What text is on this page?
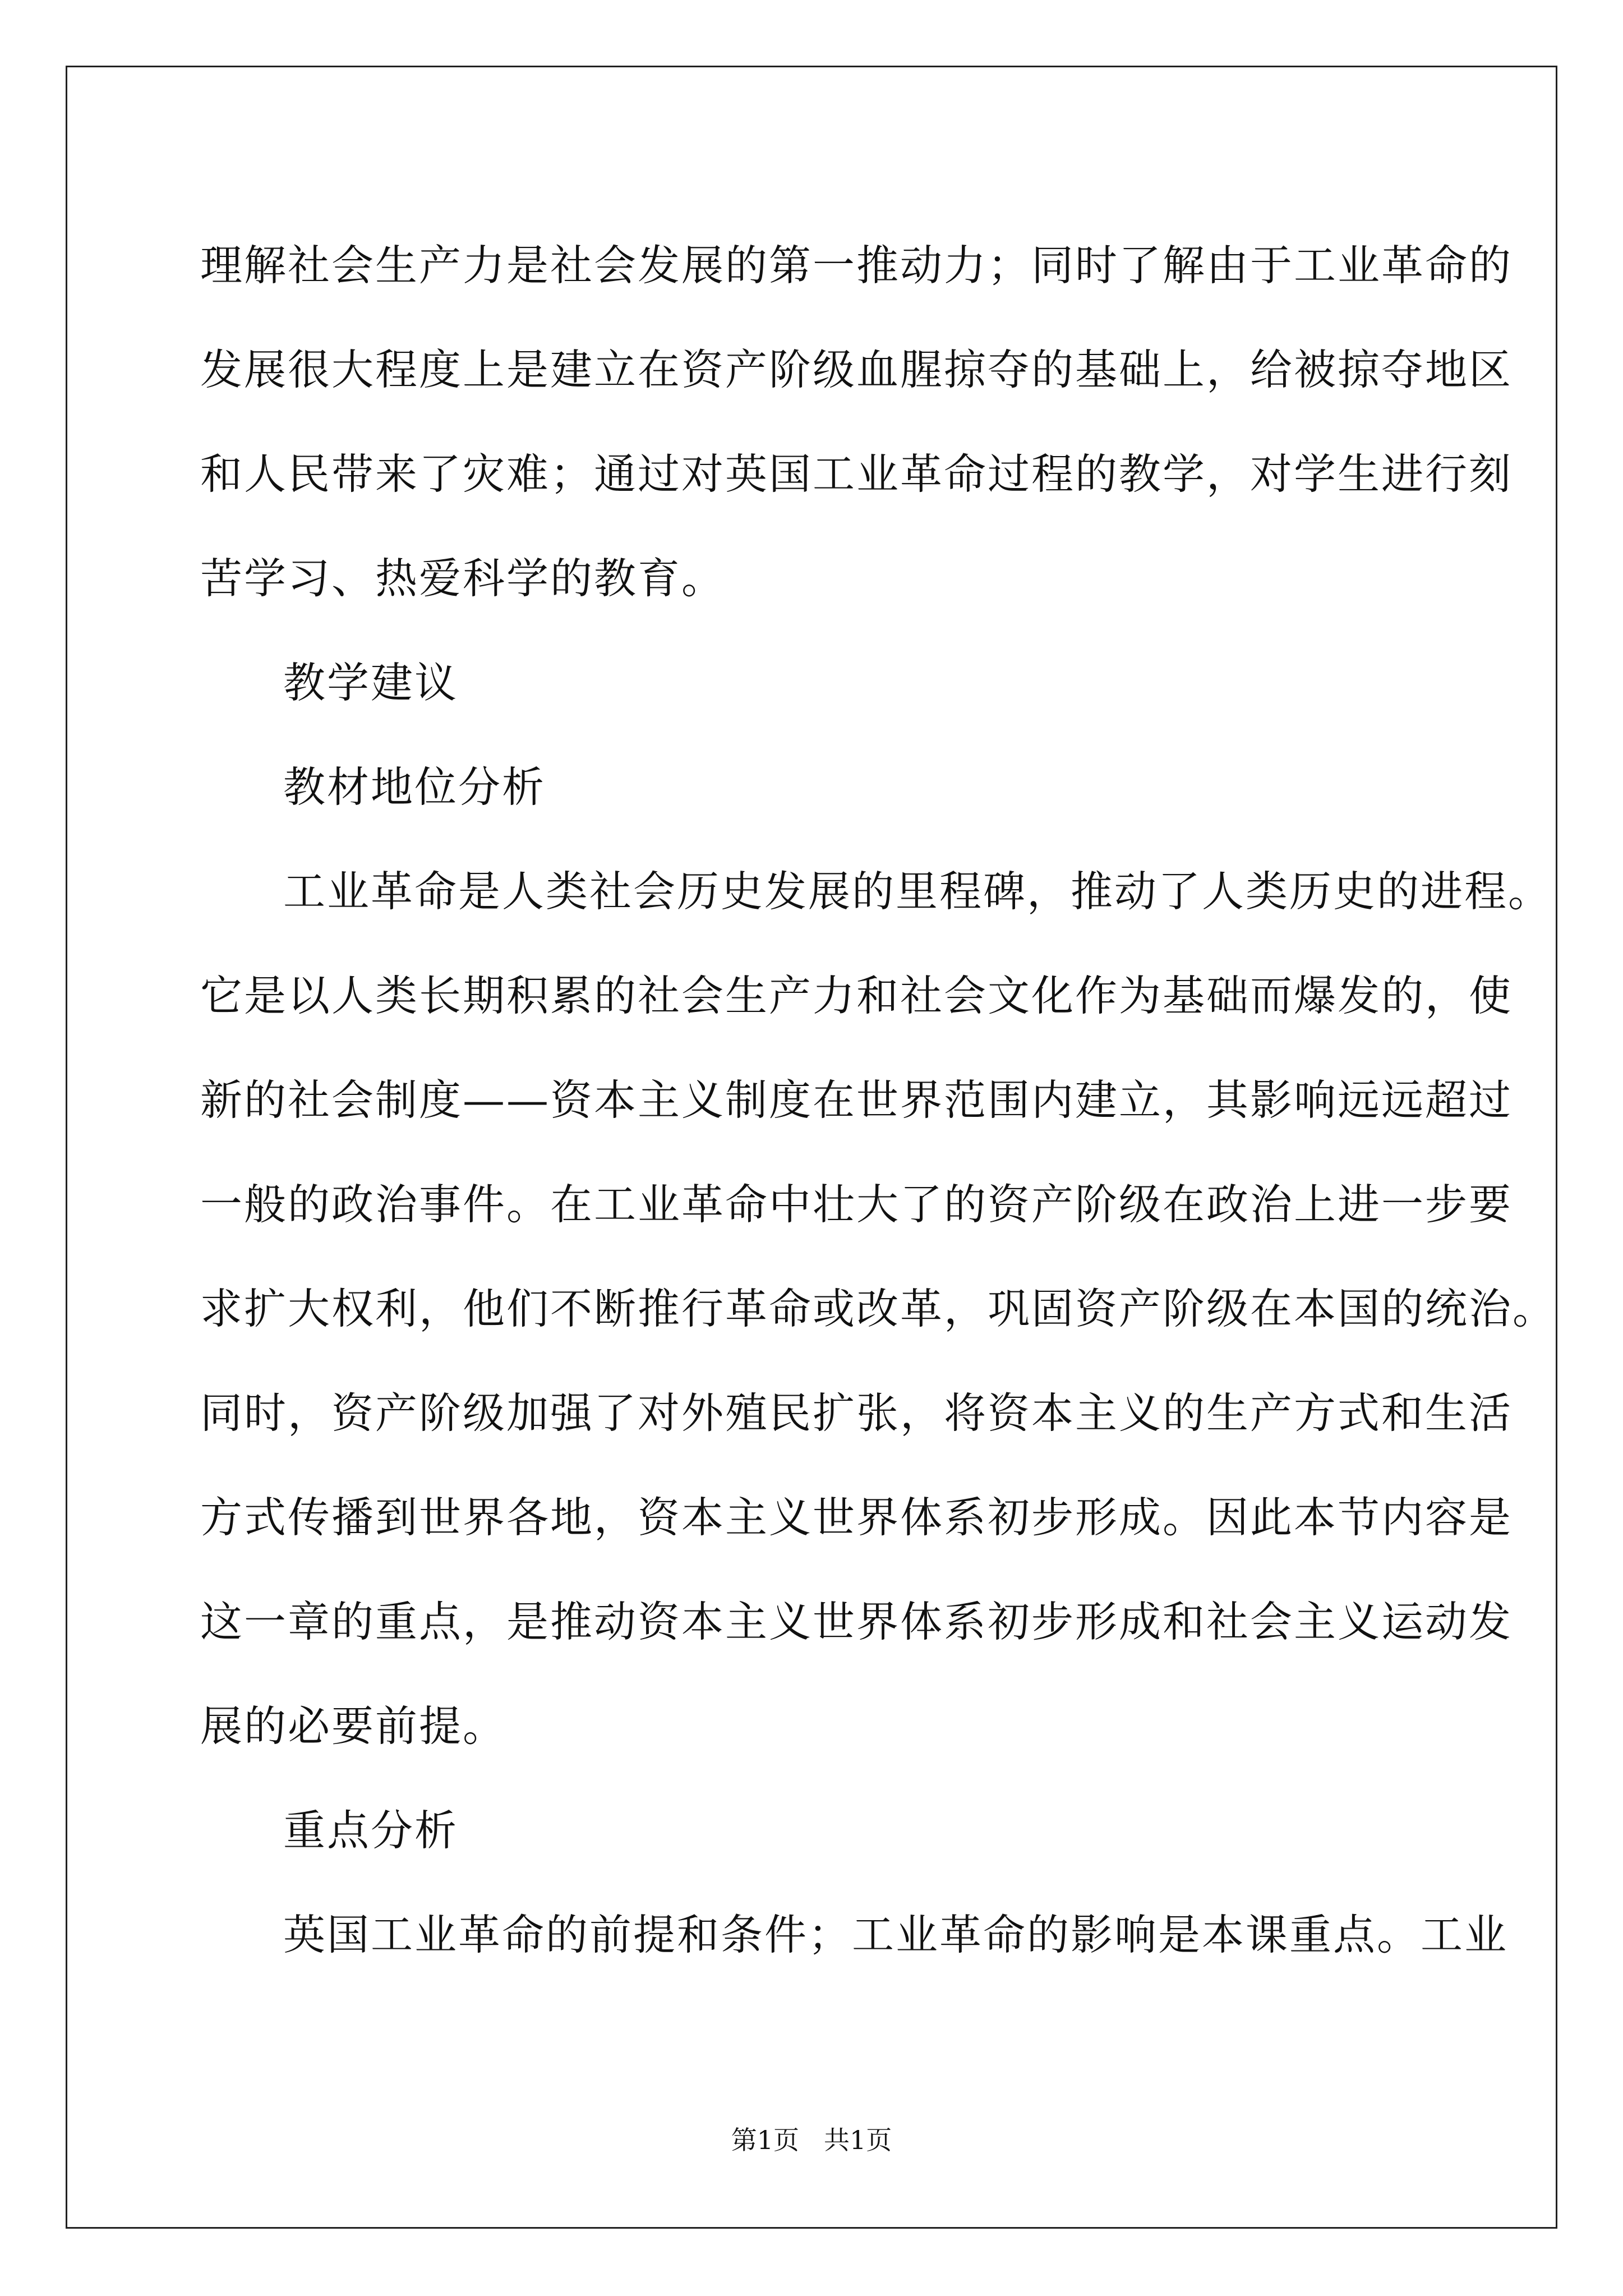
理解社会生产力是社会发展的第一推动力；同时了解由于工业革命的
发展很大程度上是建立在资产阶级血腥掠夺的基础上，给被掠夺地区
和人民带来了灾难；通过对英国工业革命过程的教学，对学生进行刻
苦学习、热爱科学的教育。
教学建议
教材地位分析
工业革命是人类社会历史发展的里程碑，推动了人类历史的进程。
它是以人类长期积累的社会生产力和社会文化作为基础而爆发的，使
新的社会制度——资本主义制度在世界范围内建立，其影响远远超过
一般的政治事件。在工业革命中壮大了的资产阶级在政治上进一步要
求扩大权利，他们不断推行革命或改革，巩固资产阶级在本国的统治。
同时，资产阶级加强了对外殖民扩张，将资本主义的生产方式和生活
方式传播到世界各地，资本主义世界体系初步形成。因此本节内容是
这一章的重点，是推动资本主义世界体系初步形成和社会主义运动发
展的必要前提。
重点分析
英国工业革命的前提和条件；工业革命的影响是本课重点。工业
第1页 共1页
